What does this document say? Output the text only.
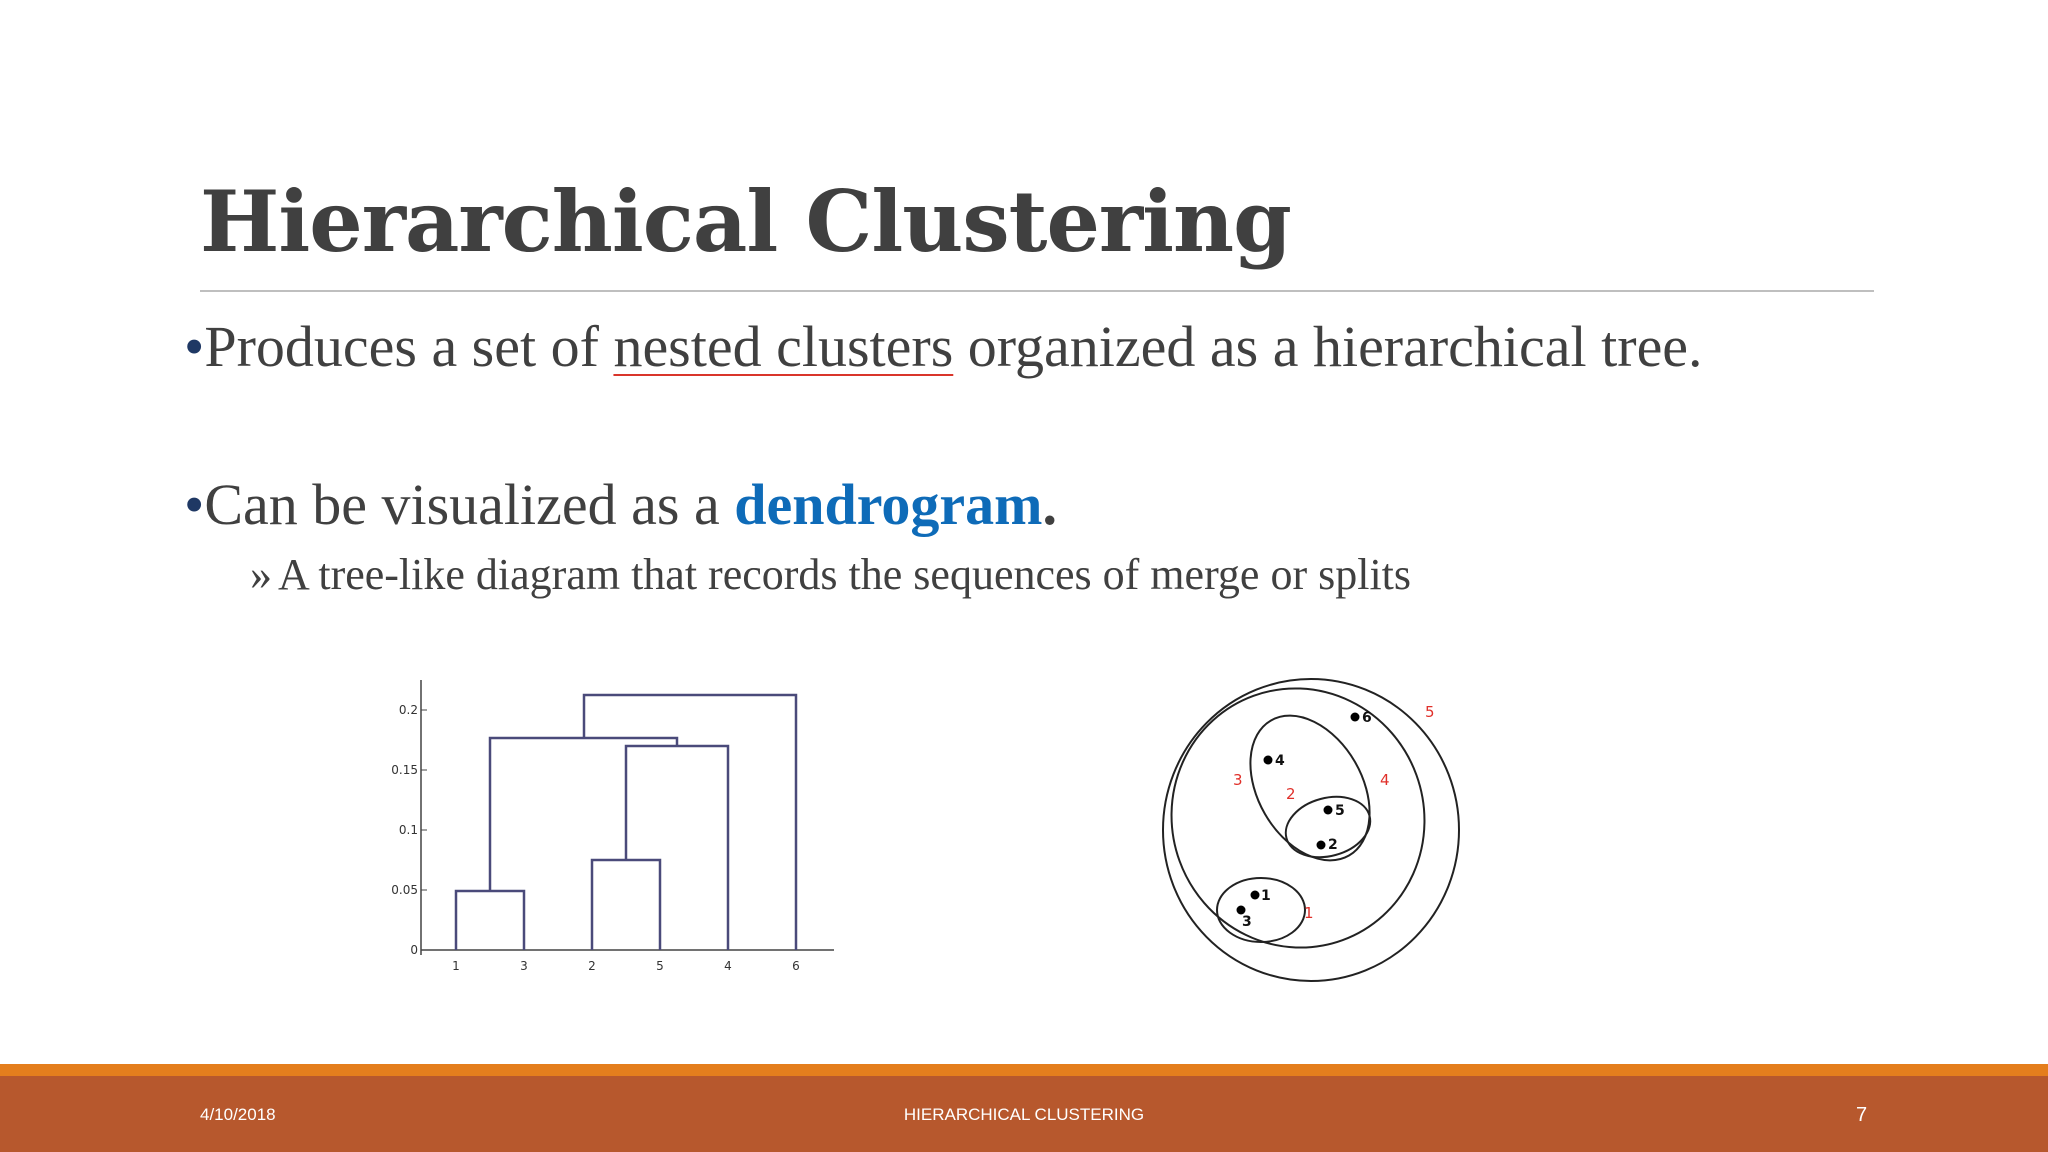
Hierarchical Clustering
•Produces a set of nested clusters organized as a hierarchical tree.
•Can be visualized as a dendrogram.
» A tree-like diagram that records the sequences of merge or splits
0
0.05
0.1
0.15
0.2
1	3	2	5	4	6
1
3
4
5
2
6
1
2
3	4
5
4/10/2018	HIERARCHICAL CLUSTERING	7
